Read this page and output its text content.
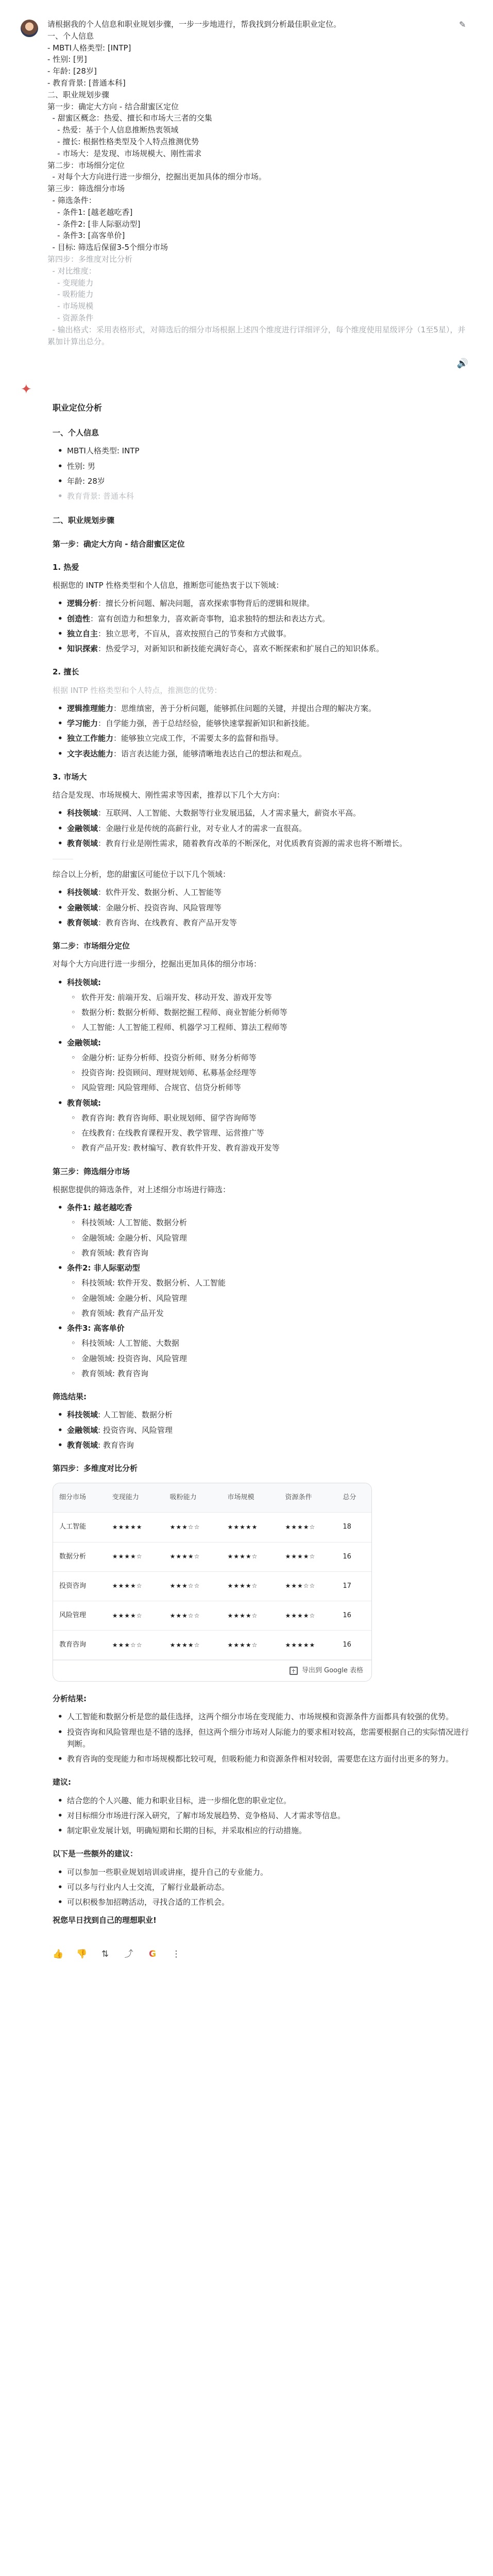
✎
请根据我的个人信息和职业规划步骤，一步一步地进行，帮我找到分析最佳职业定位。
一、个人信息
- MBTI人格类型: [INTP]
- 性别: [男]
- 年龄: [28岁]
- 教育背景: [普通本科]
二、职业规划步骤
第一步：确定大方向 - 结合甜蜜区定位
- 甜蜜区概念：热爱、擅长和市场大三者的交集
- 热爱：基于个人信息推断热衷领域
- 擅长: 根据性格类型及个人特点推测优势
- 市场大：是发现、市场规模大、刚性需求
第二步：市场细分定位
- 对每个大方向进行进一步细分，挖掘出更加具体的细分市场。
第三步：筛选细分市场
- 筛选条件：
- 条件1: [越老越吃香]
- 条件2: [非人际驱动型]
- 条件3: [高客单价]
- 目标: 筛选后保留3-5个细分市场
第四步：多维度对比分析
- 对比维度：
- 变现能力
- 吸粉能力
- 市场规模
- 资源条件
- 输出格式：采用表格形式，对筛选后的细分市场根据上述四个维度进行详细评分，每个维度使用星级评分（1至5星），并累加计算出总分。
🔊
✦
职业定位分析
一、个人信息
• MBTI人格类型: INTP
• 性别: 男
• 年龄: 28岁
• 教育背景: 普通本科
二、职业规划步骤
第一步：确定大方向 - 结合甜蜜区定位
1. 热爱

根据您的 INTP 性格类型和个人信息，推断您可能热衷于以下领域：

• 逻辑分析：擅长分析问题、解决问题，喜欢探索事物背后的逻辑和规律。
• 创造性：富有创造力和想象力，喜欢新奇事物，追求独特的想法和表达方式。
• 独立自主：独立思考，不盲从，喜欢按照自己的节奏和方式做事。
• 知识探索：热爱学习，对新知识和新技能充满好奇心，喜欢不断探索和扩展自己的知识体系。
2. 擅长

根据 INTP 性格类型和个人特点，推测您的优势：

• 逻辑推理能力：思维缜密，善于分析问题，能够抓住问题的关键，并提出合理的解决方案。
• 学习能力：自学能力强，善于总结经验，能够快速掌握新知识和新技能。
• 独立工作能力：能够独立完成工作，不需要太多的监督和指导。
• 文字表达能力：语言表达能力强，能够清晰地表达自己的想法和观点。
3. 市场大

结合是发现、市场规模大、刚性需求等因素，推荐以下几个大方向：

• 科技领域：互联网、人工智能、大数据等行业发展迅猛，人才需求量大，薪资水平高。
• 金融领域：金融行业是传统的高薪行业，对专业人才的需求一直很高。
• 教育领域：教育行业是刚性需求，随着教育改革的不断深化，对优质教育资源的需求也将不断增长。

综合以上分析，您的甜蜜区可能位于以下几个领域：

• 科技领域：软件开发、数据分析、人工智能等
• 金融领域：金融分析、投资咨询、风险管理等
• 教育领域：教育咨询、在线教育、教育产品开发等
第二步：市场细分定位

对每个大方向进行进一步细分，挖掘出更加具体的细分市场：

• 科技领域:
◦ 软件开发: 前端开发、后端开发、移动开发、游戏开发等
◦ 数据分析: 数据分析师、数据挖掘工程师、商业智能分析师等
◦ 人工智能: 人工智能工程师、机器学习工程师、算法工程师等
• 金融领域:
◦ 金融分析: 证券分析师、投资分析师、财务分析师等
◦ 投资咨询: 投资顾问、理财规划师、私募基金经理等
◦ 风险管理: 风险管理师、合规官、信贷分析师等
• 教育领域:
◦ 教育咨询: 教育咨询师、职业规划师、留学咨询师等
◦ 在线教育: 在线教育课程开发、教学管理、运营推广等
◦ 教育产品开发: 教材编写、教育软件开发、教育游戏开发等
第三步：筛选细分市场

根据您提供的筛选条件，对上述细分市场进行筛选：

• 条件1: 越老越吃香
◦ 科技领域: 人工智能、数据分析
◦ 金融领域: 金融分析、风险管理
◦ 教育领域: 教育咨询
• 条件2: 非人际驱动型
◦ 科技领域: 软件开发、数据分析、人工智能
◦ 金融领域: 金融分析、风险管理
◦ 教育领域: 教育产品开发
• 条件3: 高客单价
◦ 科技领域: 人工智能、大数据
◦ 金融领域: 投资咨询、风险管理
◦ 教育领域: 教育咨询
筛选结果:
• 科技领域: 人工智能、数据分析
• 金融领域: 投资咨询、风险管理
• 教育领域: 教育咨询
第四步：多维度对比分析
细分市场	变现能力	吸粉能力	市场规模	资源条件	总分
人工智能	★★★★★	★★★☆☆	★★★★★	★★★★☆	18
数据分析	★★★★☆	★★★★☆	★★★★☆	★★★★☆	16
投资咨询	★★★★☆	★★★☆☆	★★★★☆	★★★☆☆	17
风险管理	★★★★☆	★★★☆☆	★★★★☆	★★★★☆	16
教育咨询	★★★☆☆	★★★★☆	★★★★☆	★★★★★	16
导出到 Google 表格
分析结果:
• 人工智能和数据分析是您的最佳选择，这两个细分市场在变现能力、市场规模和资源条件方面都具有较强的优势。
• 投资咨询和风险管理也是不错的选择，但这两个细分市场对人际能力的要求相对较高，您需要根据自己的实际情况进行判断。
• 教育咨询的变现能力和市场规模都比较可观，但吸粉能力和资源条件相对较弱，需要您在这方面付出更多的努力。
建议:
• 结合您的个人兴趣、能力和职业目标，进一步细化您的职业定位。
• 对目标细分市场进行深入研究，了解市场发展趋势、竞争格局、人才需求等信息。
• 制定职业发展计划，明确短期和长期的目标，并采取相应的行动措施。
以下是一些额外的建议：
• 可以参加一些职业规划培训或讲座，提升自己的专业能力。
• 可以多与行业内人士交流，了解行业最新动态。
• 可以积极参加招聘活动，寻找合适的工作机会。

祝您早日找到自己的理想职业!

👍 👎 ⇅ ⤴ G ⋮
